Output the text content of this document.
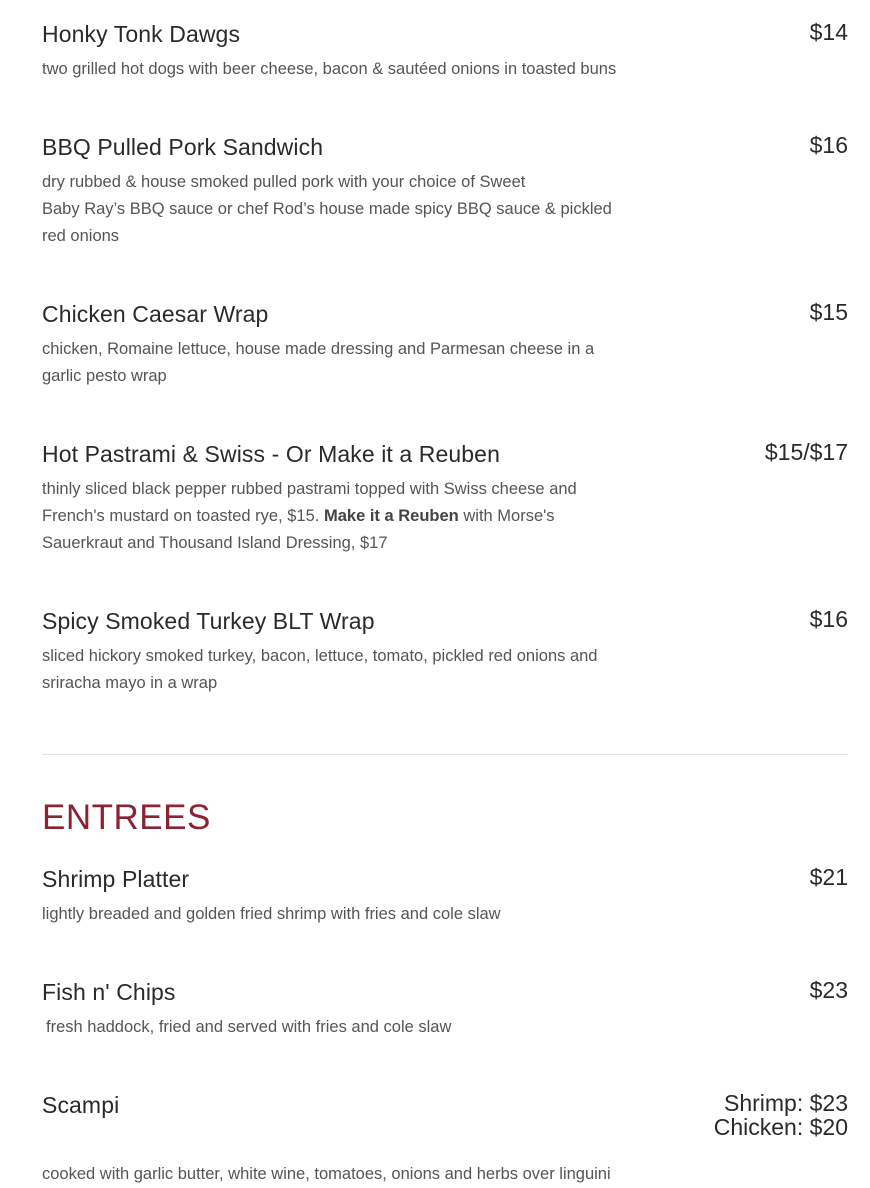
Honky Tonk Dawgs	$14
two grilled hot dogs with beer cheese, bacon & sautéed onions in toasted buns
BBQ Pulled Pork Sandwich	$16
dry rubbed & house smoked pulled pork with your choice of Sweet
Baby Ray’s BBQ sauce or chef Rod’s house made spicy BBQ sauce & pickled
red onions
Chicken Caesar Wrap	$15
chicken, Romaine lettuce, house made dressing and Parmesan cheese in a
garlic pesto wrap
Hot Pastrami & Swiss - Or Make it a Reuben	$15/$17
thinly sliced black pepper rubbed pastrami topped with Swiss cheese and
French's mustard on toasted rye, $15. Make it a Reuben with Morse's
Sauerkraut and Thousand Island Dressing, $17
Spicy Smoked Turkey BLT Wrap	$16
sliced hickory smoked turkey, bacon, lettuce, tomato, pickled red onions and
sriracha mayo in a wrap
ENTREES
Shrimp Platter	$21
lightly breaded and golden fried shrimp with fries and cole slaw
Fish n' Chips	$23
fresh haddock, fried and served with fries and cole slaw
Scampi	Shrimp: $23
Chicken: $20
cooked with garlic butter, white wine, tomatoes, onions and herbs over linguini
